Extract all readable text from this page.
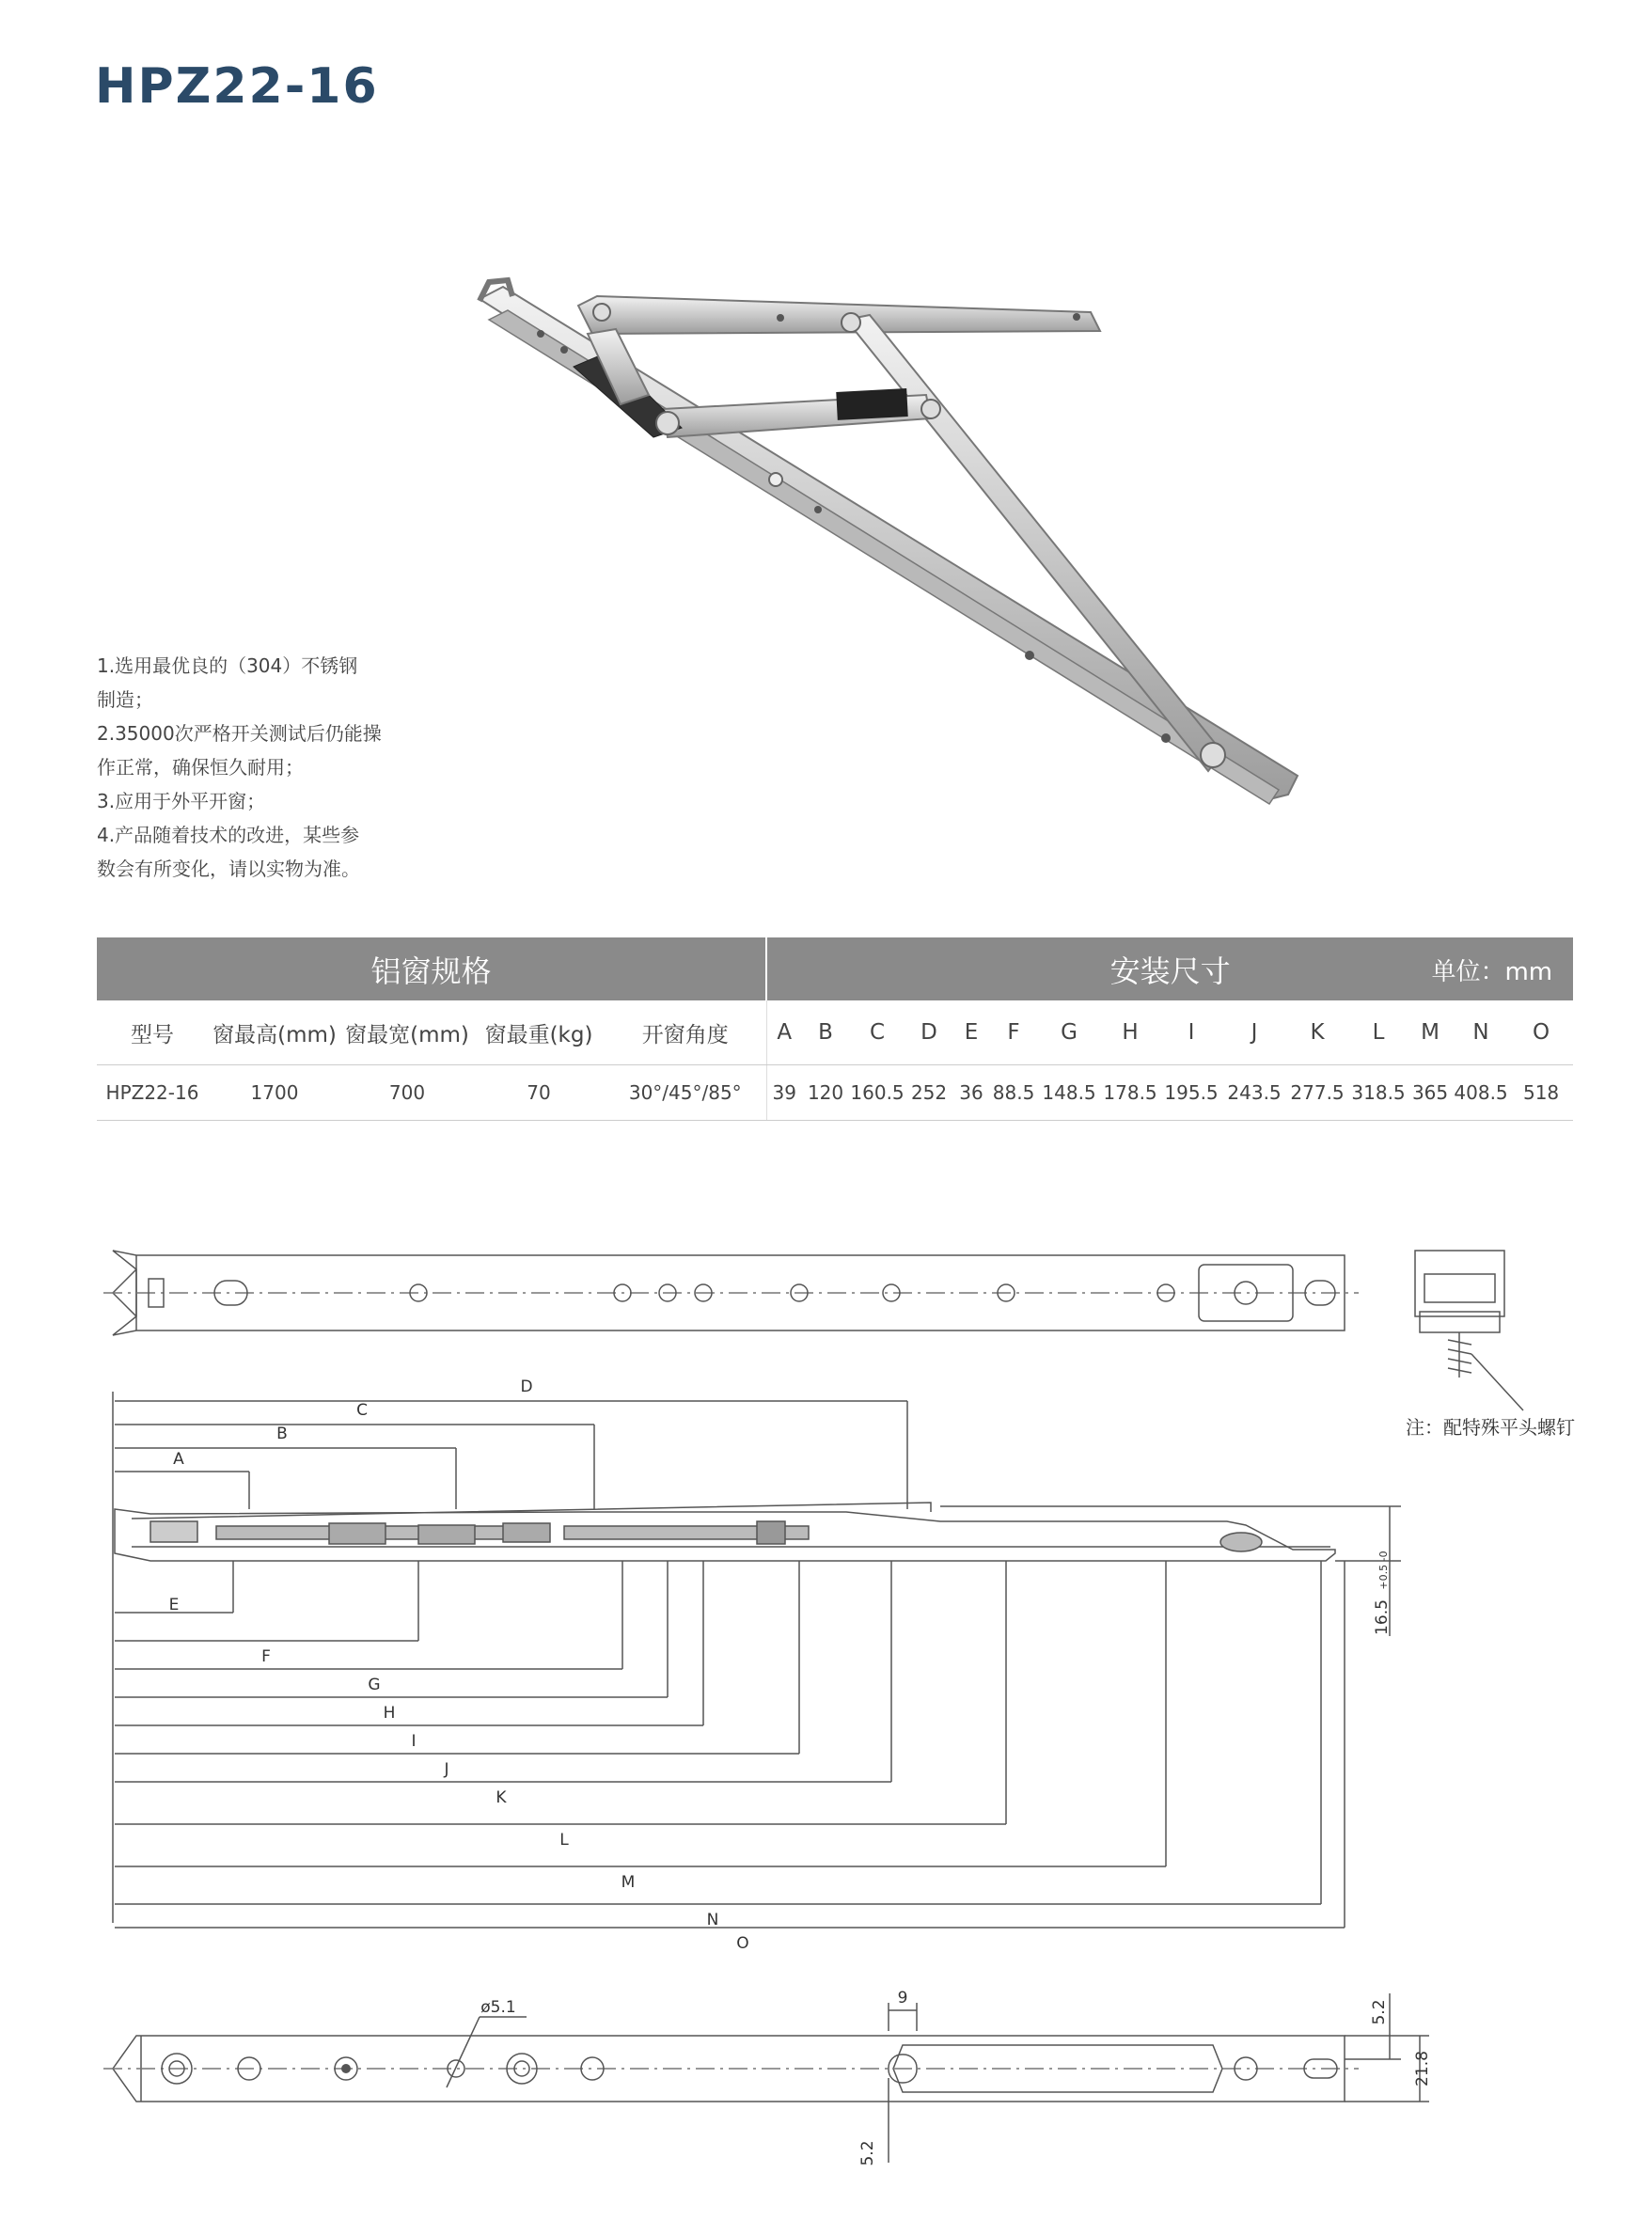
HPZ22-16
1.选用最优良的（304）不锈钢
制造；
2.35000次严格开关测试后仍能操
作正常，确保恒久耐用；
3.应用于外平开窗；
4.产品随着技术的改进，某些参
数会有所变化，请以实物为准。
铝窗规格					安装尺寸 单位：mm														

型号	窗最高(mm)	窗最宽(mm)	窗最重(kg)	开窗角度	A	B	C	D	E	F	G	H	I	J	K	L	M	N	O
HPZ22-16	1700	700	70	30°/45°/85°	39	120	160.5	252	36	88.5	148.5	178.5	195.5	243.5	277.5	318.5	365	408.5	518
D
C
B
A
E
F
G
H
I
J
K
L
M
N
O
注：配特殊平头螺钉
16.5
+0.5 -0
ø5.1	9
5.2
21.8
5.2
